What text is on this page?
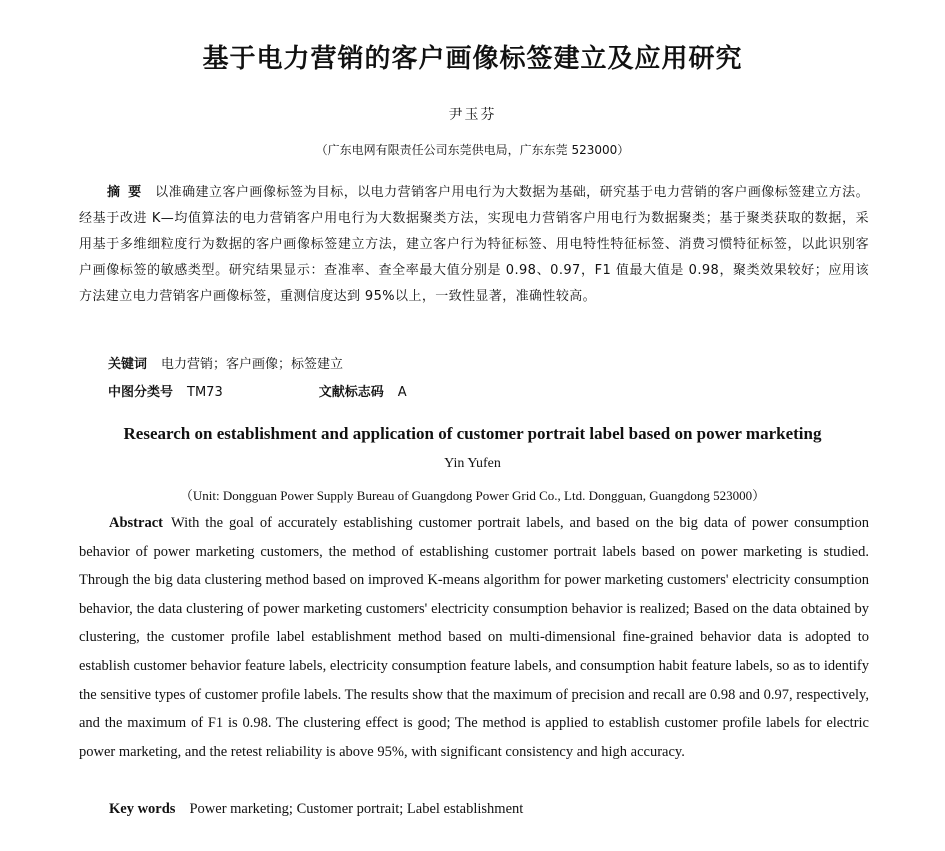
基于电力营销的客户画像标签建立及应用研究
尹玉芬
（广东电网有限责任公司东莞供电局，广东东莞 523000）
摘要 以准确建立客户画像标签为目标，以电力营销客户用电行为大数据为基础，研究基于电力营销的客户画像标签建立方法。经基于改进 K—均值算法的电力营销客户用电行为大数据聚类方法，实现电力营销客户用电行为数据聚类；基于聚类获取的数据，采用基于多维细粒度行为数据的客户画像标签建立方法，建立客户行为特征标签、用电特性特征标签、消费习惯特征标签，以此识别客户画像标签的敏感类型。研究结果显示：查准率、查全率最大值分别是 0.98、0.97，F1 值最大值是 0.98，聚类效果较好；应用该方法建立电力营销客户画像标签，重测信度达到 95%以上，一致性显著，准确性较高。
关键词 电力营销；客户画像；标签建立
中图分类号 TM73	文献标志码 A
Research on establishment and application of customer portrait label based on power marketing
Yin Yufen
（Unit: Dongguan Power Supply Bureau of Guangdong Power Grid Co., Ltd. Dongguan, Guangdong 523000）
Abstract With the goal of accurately establishing customer portrait labels, and based on the big data of power consumption behavior of power marketing customers, the method of establishing customer portrait labels based on power marketing is studied. Through the big data clustering method based on improved K-means algorithm for power marketing customers' electricity consumption behavior, the data clustering of power marketing customers' electricity consumption behavior is realized; Based on the data obtained by clustering, the customer profile label establishment method based on multi-dimensional fine-grained behavior data is adopted to establish customer behavior feature labels, electricity consumption feature labels, and consumption habit feature labels, so as to identify the sensitive types of customer profile labels. The results show that the maximum of precision and recall are 0.98 and 0.97, respectively, and the maximum of F1 is 0.98. The clustering effect is good; The method is applied to establish customer profile labels for electric power marketing, and the retest reliability is above 95%, with significant consistency and high accuracy.
Key words Power marketing; Customer portrait; Label establishment
